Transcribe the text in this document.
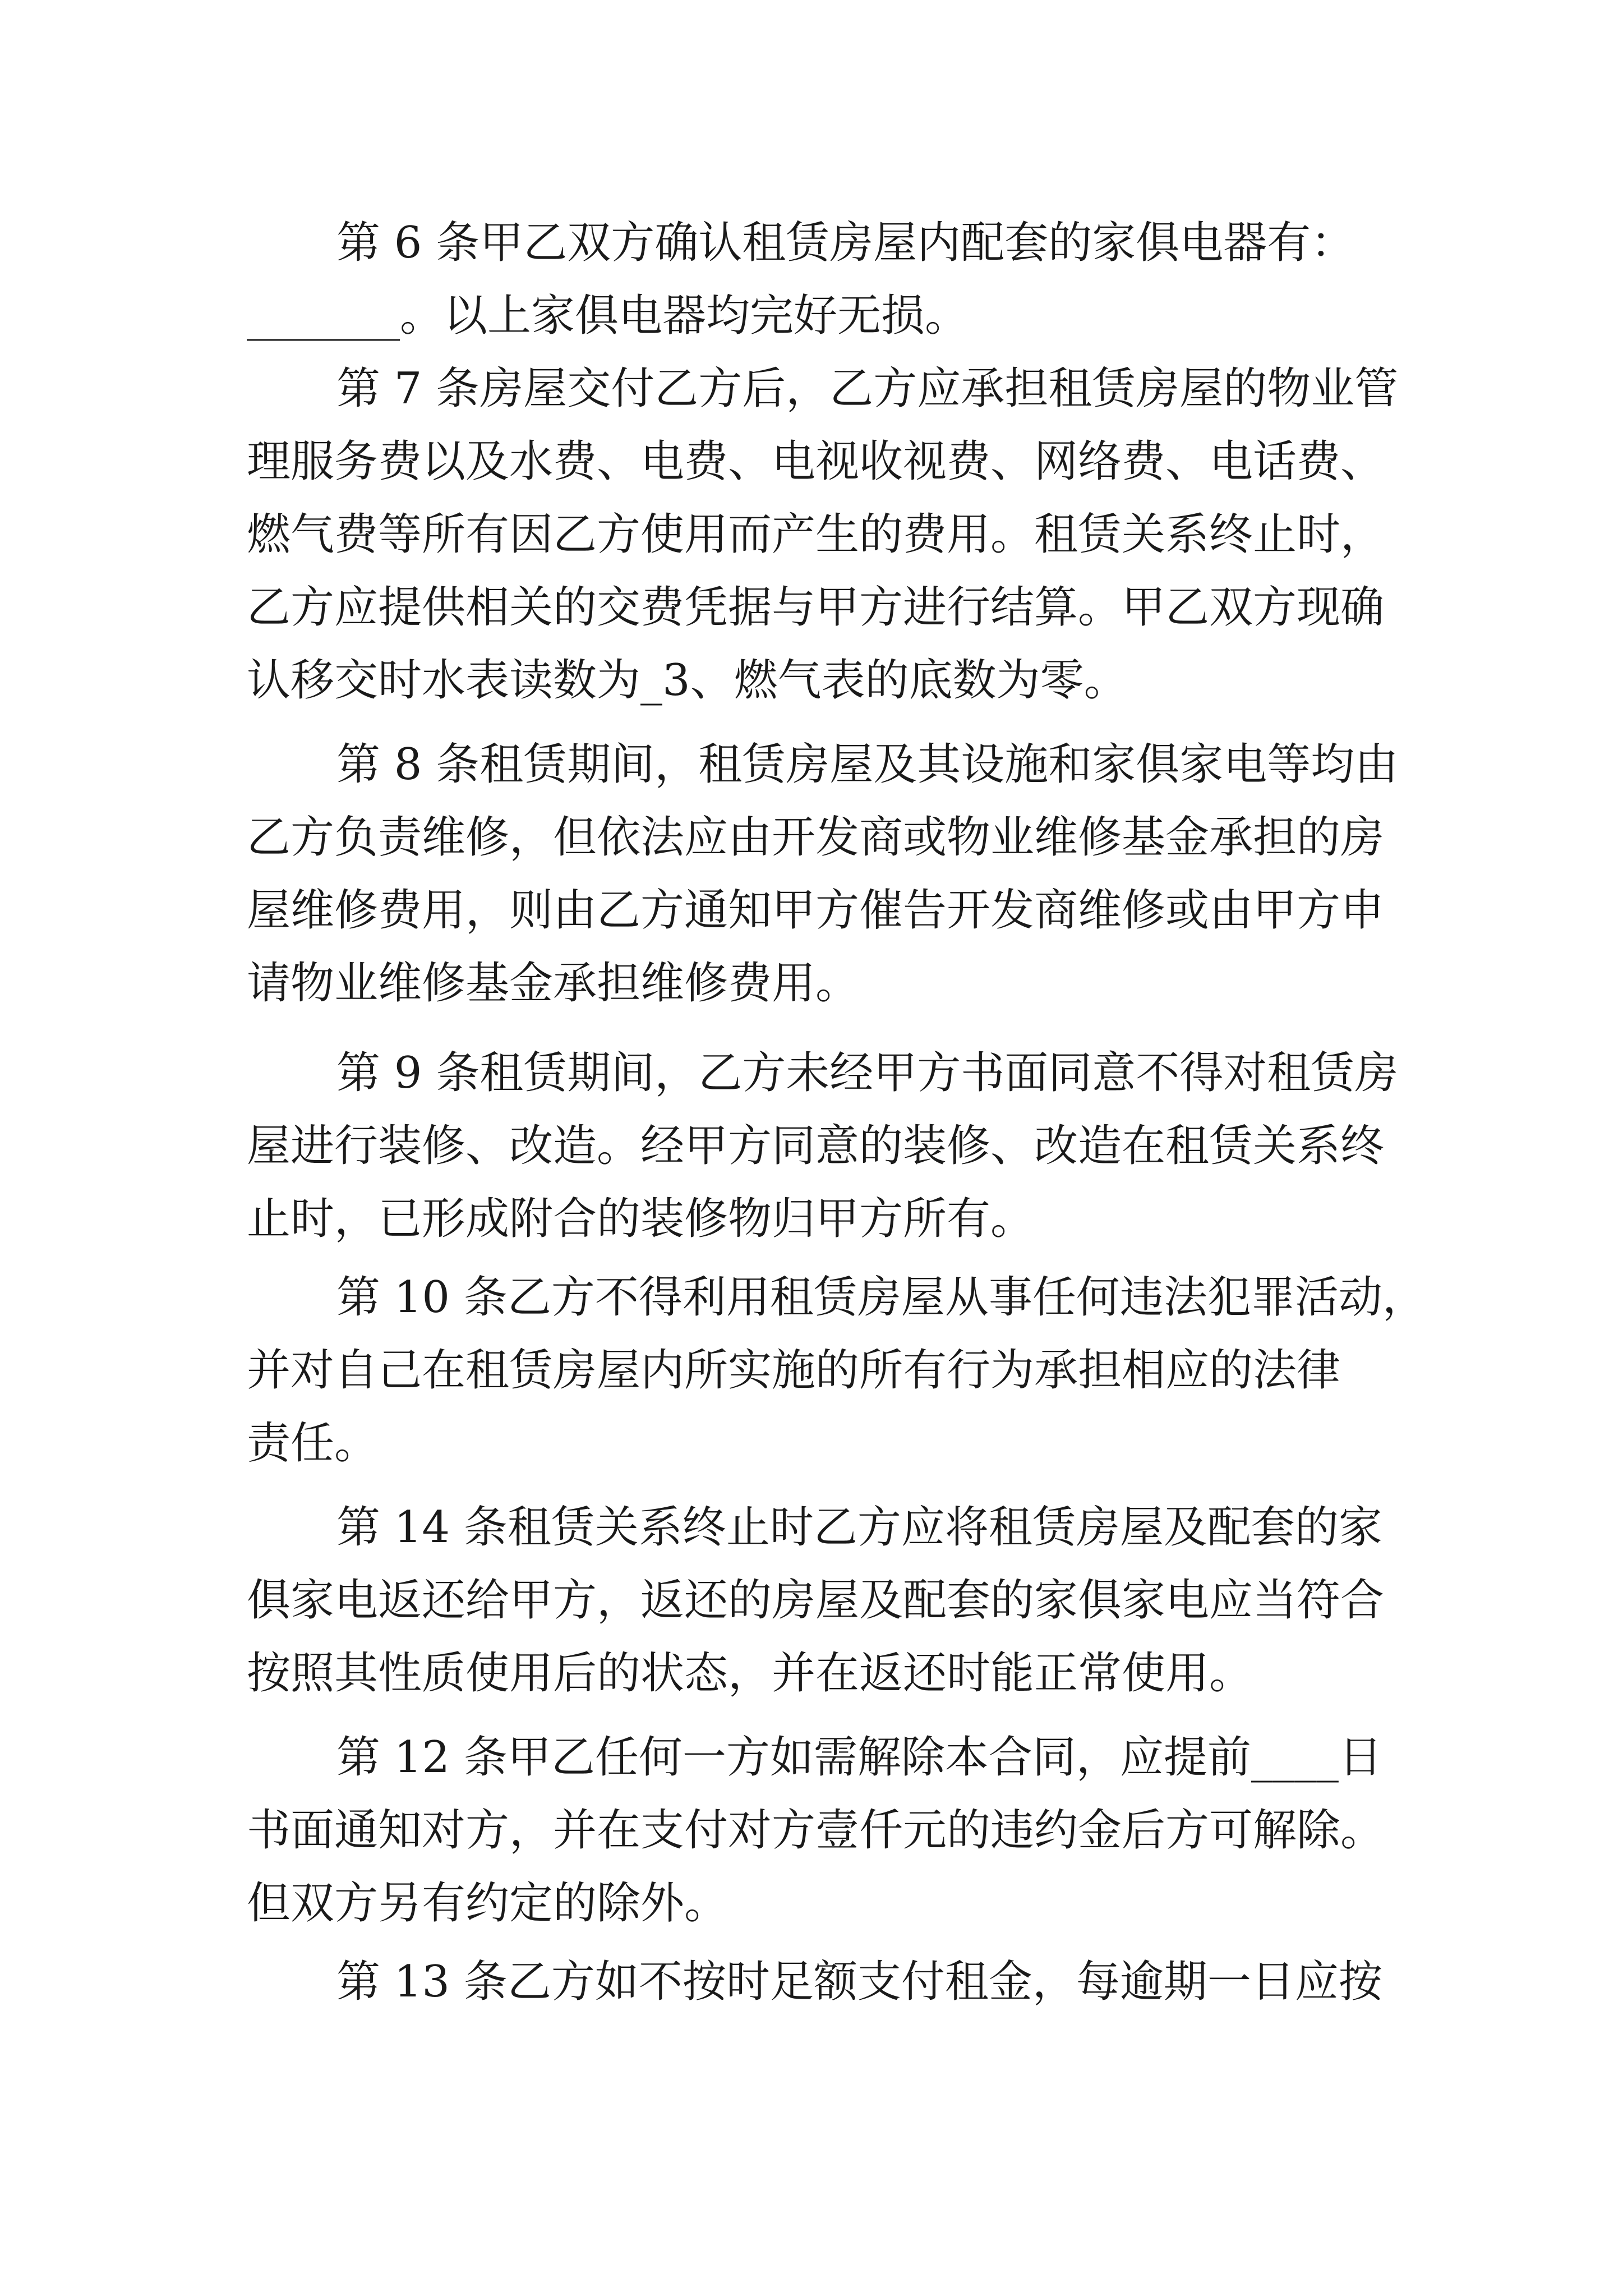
第 6 条甲乙双方确认租赁房屋内配套的家俱电器有：
_______。以上家俱电器均完好无损。
第 7 条房屋交付乙方后，乙方应承担租赁房屋的物业管
理服务费以及水费、电费、电视收视费、网络费、电话费、
燃气费等所有因乙方使用而产生的费用。租赁关系终止时，
乙方应提供相关的交费凭据与甲方进行结算。甲乙双方现确
认移交时水表读数为_3、燃气表的底数为零。
第 8 条租赁期间，租赁房屋及其设施和家俱家电等均由
乙方负责维修，但依法应由开发商或物业维修基金承担的房
屋维修费用，则由乙方通知甲方催告开发商维修或由甲方申
请物业维修基金承担维修费用。
第 9 条租赁期间，乙方未经甲方书面同意不得对租赁房
屋进行装修、改造。经甲方同意的装修、改造在租赁关系终
止时，已形成附合的装修物归甲方所有。
第 10 条乙方不得利用租赁房屋从事任何违法犯罪活动，
并对自己在租赁房屋内所实施的所有行为承担相应的法律
责任。
第 14 条租赁关系终止时乙方应将租赁房屋及配套的家
俱家电返还给甲方，返还的房屋及配套的家俱家电应当符合
按照其性质使用后的状态，并在返还时能正常使用。
第 12 条甲乙任何一方如需解除本合同，应提前____日
书面通知对方，并在支付对方壹仟元的违约金后方可解除。
但双方另有约定的除外。
第 13 条乙方如不按时足额支付租金，每逾期一日应按
